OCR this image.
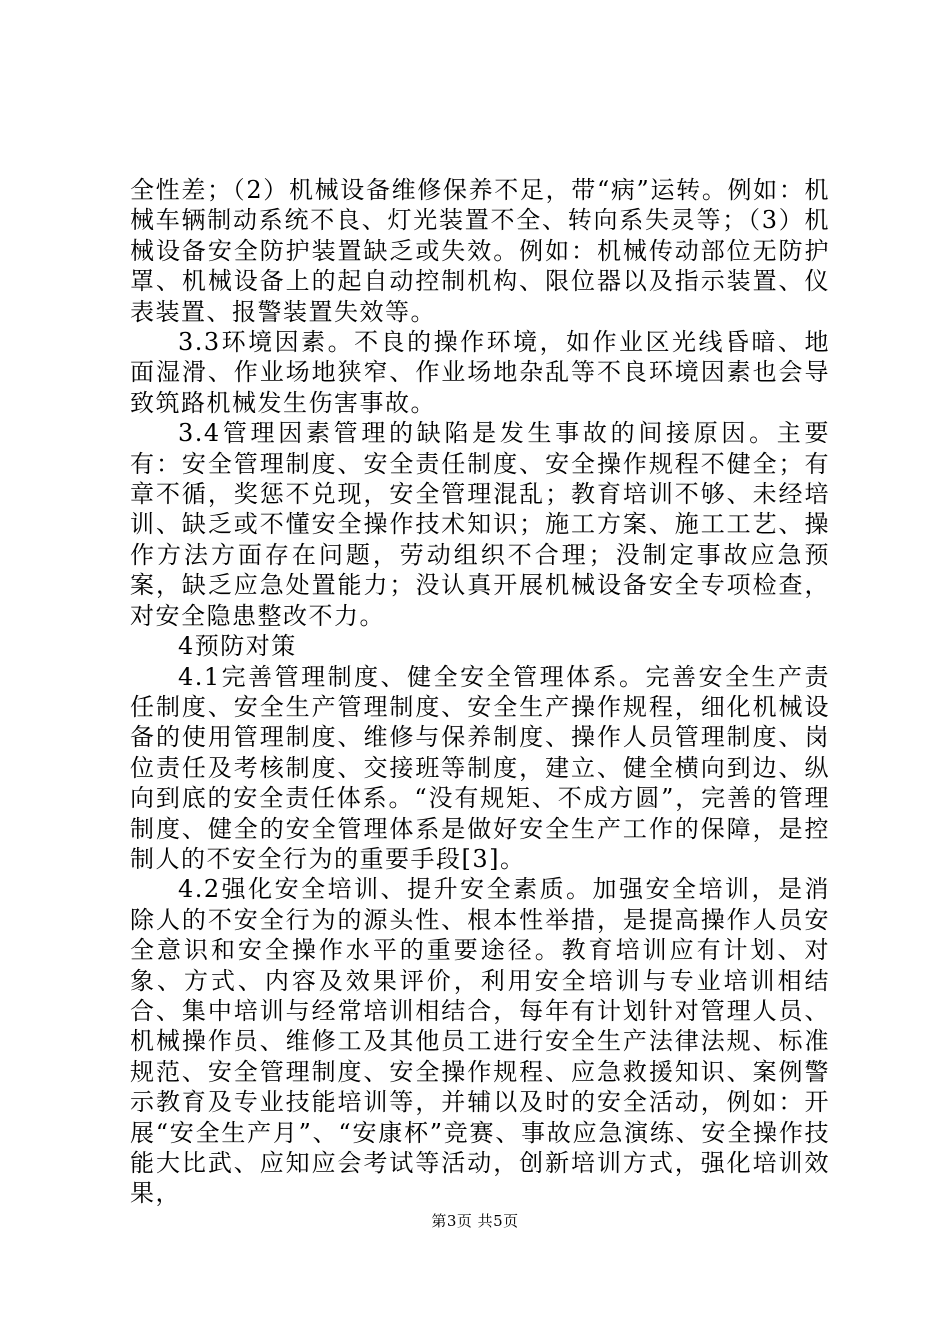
全性差；（2）机械设备维修保养不足，带“病”运转。例如：机械车辆制动系统不良、灯光装置不全、转向系失灵等；（3）机械设备安全防护装置缺乏或失效。例如：机械传动部位无防护罩、机械设备上的起自动控制机构、限位器以及指示装置、仪表装置、报警装置失效等。

3.3环境因素。不良的操作环境，如作业区光线昏暗、地面湿滑、作业场地狭窄、作业场地杂乱等不良环境因素也会导致筑路机械发生伤害事故。

3.4管理因素管理的缺陷是发生事故的间接原因。主要有：安全管理制度、安全责任制度、安全操作规程不健全；有章不循，奖惩不兑现，安全管理混乱；教育培训不够、未经培训、缺乏或不懂安全操作技术知识；施工方案、施工工艺、操作方法方面存在问题，劳动组织不合理；没制定事故应急预案，缺乏应急处置能力；没认真开展机械设备安全专项检查，对安全隐患整改不力。

4预防对策

4.1完善管理制度、健全安全管理体系。完善安全生产责任制度、安全生产管理制度、安全生产操作规程，细化机械设备的使用管理制度、维修与保养制度、操作人员管理制度、岗位责任及考核制度、交接班等制度，建立、健全横向到边、纵向到底的安全责任体系。“没有规矩、不成方圆”，完善的管理制度、健全的安全管理体系是做好安全生产工作的保障，是控制人的不安全行为的重要手段[3]。

4.2强化安全培训、提升安全素质。加强安全培训，是消除人的不安全行为的源头性、根本性举措，是提高操作人员安全意识和安全操作水平的重要途径。教育培训应有计划、对象、方式、内容及效果评价，利用安全培训与专业培训相结合、集中培训与经常培训相结合，每年有计划针对管理人员、机械操作员、维修工及其他员工进行安全生产法律法规、标准规范、安全管理制度、安全操作规程、应急救援知识、案例警示教育及专业技能培训等，并辅以及时的安全活动，例如：开展“安全生产月”、“安康杯”竞赛、事故应急演练、安全操作技能大比武、应知应会考试等活动，创新培训方式，强化培训效果，

第3页 共5页
